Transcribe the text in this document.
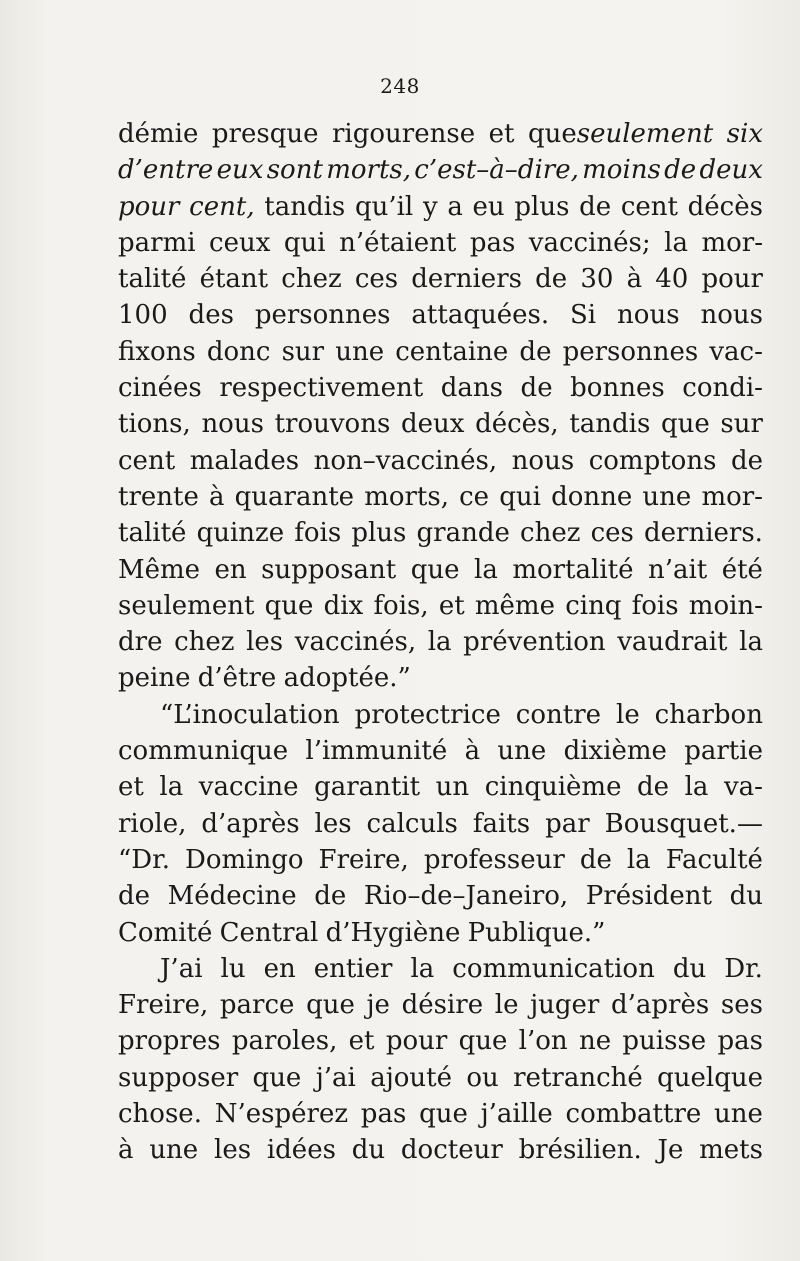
248
démie presque rigourense et queseulement six
d’entre eux sont morts, c’est–à–dire, moins de deux
pour cent, tandis qu’il y a eu plus de cent décès
parmi ceux qui n’étaient pas vaccinés; la mor-
talité étant chez ces derniers de 30 à 40 pour
100 des personnes attaquées. Si nous nous
fixons donc sur une centaine de personnes vac-
cinées respectivement dans de bonnes condi-
tions, nous trouvons deux décès, tandis que sur
cent malades non–vaccinés, nous comptons de
trente à quarante morts, ce qui donne une mor-
talité quinze fois plus grande chez ces derniers.
Même en supposant que la mortalité n’ait été
seulement que dix fois, et même cinq fois moin-
dre chez les vaccinés, la prévention vaudrait la
peine d’être adoptée.”
“L’inoculation protectrice contre le charbon
communique l’immunité à une dixième partie
et la vaccine garantit un cinquième de la va-
riole, d’après les calculs faits par Bousquet.—
“Dr. Domingo Freire, professeur de la Faculté
de Médecine de Rio–de–Janeiro, Président du
Comité Central d’Hygiène Publique.”
J’ai lu en entier la communication du Dr.
Freire, parce que je désire le juger d’après ses
propres paroles, et pour que l’on ne puisse pas
supposer que j’ai ajouté ou retranché quelque
chose. N’espérez pas que j’aille combattre une
à une les idées du docteur brésilien. Je mets
